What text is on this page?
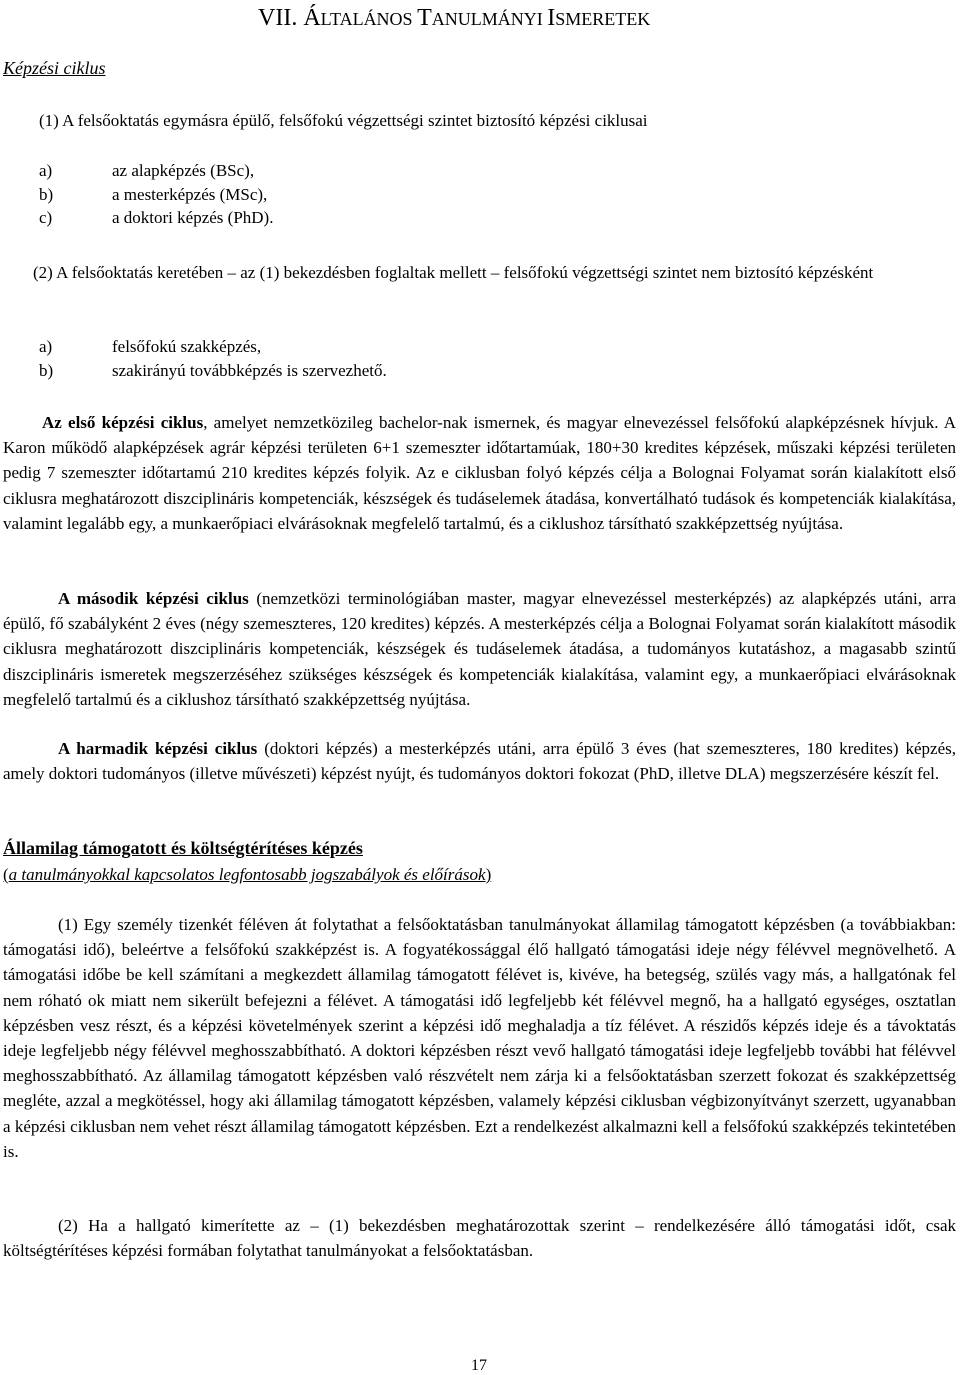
VII. ÁLTALÁNOS TANULMÁNYI ISMERETEK
Képzési ciklus
(1) A felsőoktatás egymásra épülő, felsőfokú végzettségi szintet biztosító képzési ciklusai
a)	az alapképzés (BSc),
b)	a mesterképzés (MSc),
c)	a doktori képzés (PhD).
(2) A felsőoktatás keretében ‒ az (1) bekezdésben foglaltak mellett ‒ felsőfokú végzettségi szintet nem biztosító képzésként
a)	felsőfokú szakképzés,
b)	szakirányú továbbképzés is szervezhető.
Az első képzési ciklus, amelyet nemzetközileg bachelor-nak ismernek, és magyar elnevezéssel felsőfokú alapképzésnek hívjuk. A Karon működő alapképzések agrár képzési területen 6+1 szemeszter időtartamúak, 180+30 kredites képzések, műszaki képzési területen pedig 7 szemeszter időtartamú 210 kredites képzés folyik. Az e ciklusban folyó képzés célja a Bolognai Folyamat során kialakított első ciklusra meghatározott diszciplináris kompetenciák, készségek és tudáselemek átadása, konvertálható tudások és kompetenciák kialakítása, valamint legalább egy, a munkaerőpiaci elvárásoknak megfelelő tartalmú, és a ciklushoz társítható szakképzettség nyújtása.
A második képzési ciklus (nemzetközi terminológiában master, magyar elnevezéssel mesterképzés) az alapképzés utáni, arra épülő, fő szabályként 2 éves (négy szemeszteres, 120 kredites) képzés. A mesterképzés célja a Bolognai Folyamat során kialakított második ciklusra meghatározott diszciplináris kompetenciák, készségek és tudáselemek átadása, a tudományos kutatáshoz, a magasabb szintű diszciplináris ismeretek megszerzéséhez szükséges készségek és kompetenciák kialakítása, valamint egy, a munkaerőpiaci elvárásoknak megfelelő tartalmú és a ciklushoz társítható szakképzettség nyújtása.
A harmadik képzési ciklus (doktori képzés) a mesterképzés utáni, arra épülő 3 éves (hat szemeszteres, 180 kredites) képzés, amely doktori tudományos (illetve művészeti) képzést nyújt, és tudományos doktori fokozat (PhD, illetve DLA) megszerzésére készít fel.
Államilag támogatott és költségtérítéses képzés
(a tanulmányokkal kapcsolatos legfontosabb jogszabályok és előírások)
(1) Egy személy tizenkét féléven át folytathat a felsőoktatásban tanulmányokat államilag támogatott képzésben (a továbbiakban: támogatási idő), beleértve a felsőfokú szakképzést is. A fogyatékossággal élő hallgató támogatási ideje négy félévvel megnövelhető. A támogatási időbe be kell számítani a megkezdett államilag támogatott félévet is, kivéve, ha betegség, szülés vagy más, a hallgatónak fel nem róható ok miatt nem sikerült befejezni a félévet. A támogatási idő legfeljebb két félévvel megnő, ha a hallgató egységes, osztatlan képzésben vesz részt, és a képzési követelmények szerint a képzési idő meghaladja a tíz félévet. A részidős képzés ideje és a távoktatás ideje legfeljebb négy félévvel meghosszabbítható. A doktori képzésben részt vevő hallgató támogatási ideje legfeljebb további hat félévvel meghosszabbítható. Az államilag támogatott képzésben való részvételt nem zárja ki a felsőoktatásban szerzett fokozat és szakképzettség megléte, azzal a megkötéssel, hogy aki államilag támogatott képzésben, valamely képzési ciklusban végbizonyítványt szerzett, ugyanabban a képzési ciklusban nem vehet részt államilag támogatott képzésben. Ezt a rendelkezést alkalmazni kell a felsőfokú szakképzés tekintetében is.
(2) Ha a hallgató kimerítette az ‒ (1) bekezdésben meghatározottak szerint ‒ rendelkezésére álló támogatási időt, csak költségtérítéses képzési formában folytathat tanulmányokat a felsőoktatásban.
17
